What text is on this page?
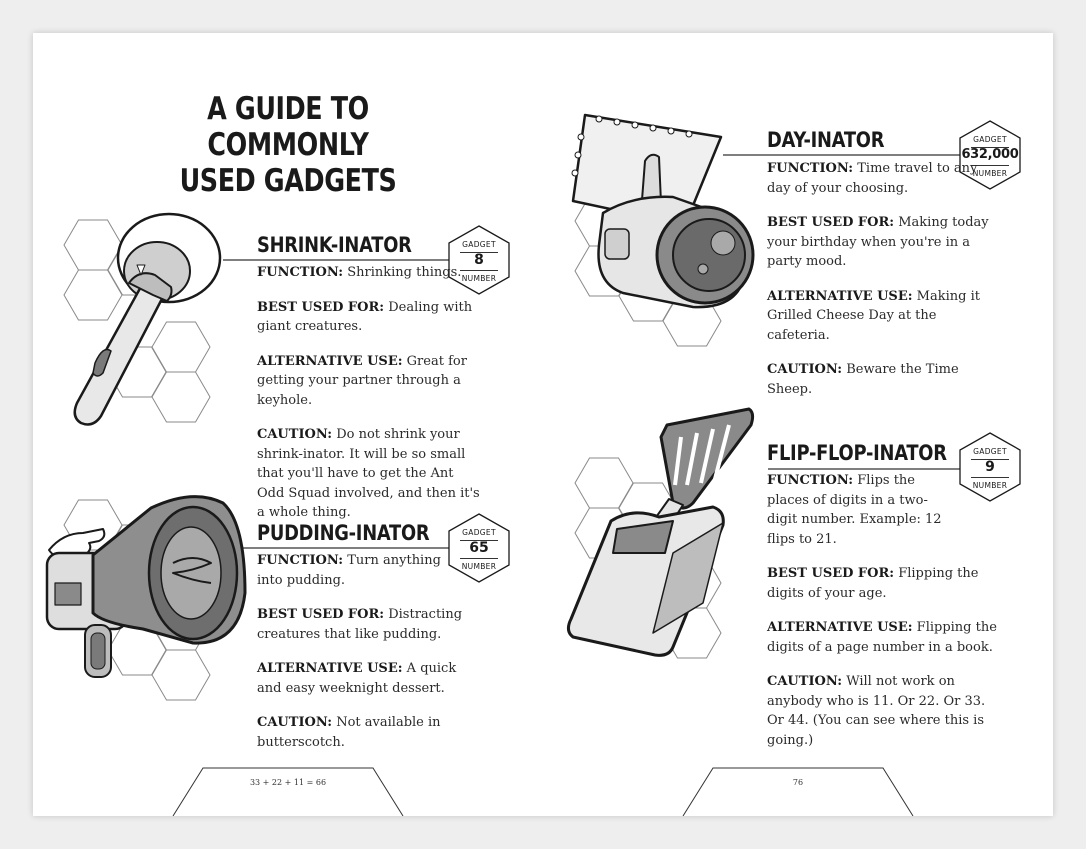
A GUIDE TO COMMONLY
USED GADGETS
SHRINK-INATOR	GADGET
8
NUMBER

FUNCTION: Shrinking things.

BEST USED FOR: Dealing with giant creatures.

ALTERNATIVE USE: Great for getting your partner through a keyhole.

CAUTION: Do not shrink your shrink-inator. It will be so small that you'll have to get the Ant Odd Squad involved, and then it's a whole thing.

PUDDING-INATOR	GADGET
65
NUMBER

FUNCTION: Turn anything into pudding.

BEST USED FOR: Distracting creatures that like pudding.

ALTERNATIVE USE: A quick and easy weeknight dessert.

CAUTION: Not available in butterscotch.

DAY-INATOR	GADGET
632,000
NUMBER

FUNCTION: Time travel to any day of your choosing.

BEST USED FOR: Making today your birthday when you're in a party mood.

ALTERNATIVE USE: Making it Grilled Cheese Day at the cafeteria.

CAUTION: Beware the Time Sheep.

FLIP-FLOP-INATOR	GADGET
9
NUMBER

FUNCTION: Flips the places of digits in a two-digit number. Example: 12 flips to 21.

BEST USED FOR: Flipping the digits of your age.

ALTERNATIVE USE: Flipping the digits of a page number in a book.

CAUTION: Will not work on anybody who is 11. Or 22. Or 33. Or 44. (You can see where this is going.)

33 + 22 + 11 = 66	76
